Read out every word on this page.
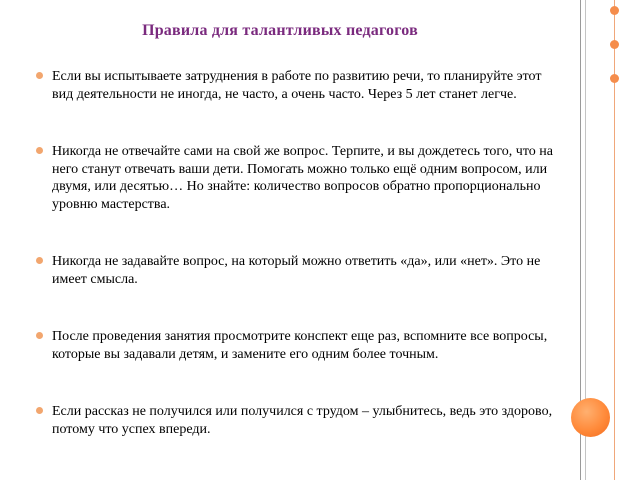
Правила для талантливых педагогов
Если вы испытываете затруднения в работе по развитию речи, то планируйте этот вид деятельности не иногда, не часто, а очень часто. Через 5 лет станет легче.
Никогда не отвечайте сами на свой же вопрос. Терпите, и вы дождетесь того, что на него станут отвечать ваши дети. Помогать можно только ещё одним вопросом, или двумя, или десятью… Но знайте: количество вопросов обратно пропорционально уровню мастерства.
Никогда не задавайте вопрос, на который можно ответить «да», или «нет». Это не имеет смысла.
После проведения занятия просмотрите конспект еще раз, вспомните все вопросы, которые вы задавали детям, и замените его одним более точным.
Если рассказ не получился или получился с трудом – улыбнитесь, ведь это здорово, потому что успех впереди.
